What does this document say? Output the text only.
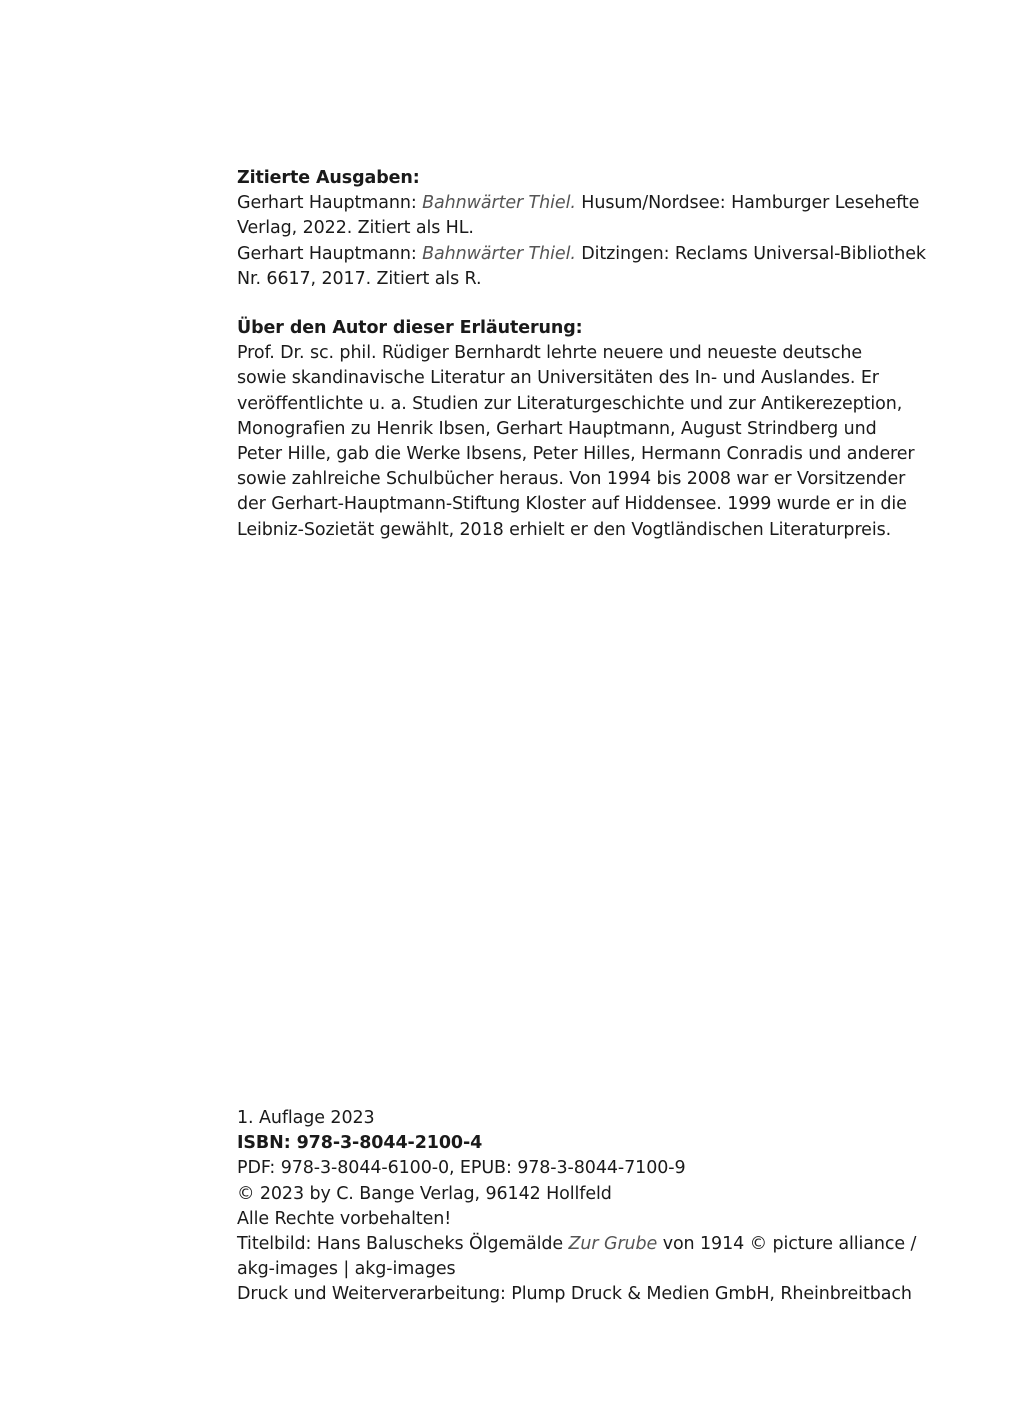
Zitierte Ausgaben:
Gerhart Hauptmann: Bahnwärter Thiel. Husum/Nordsee: Hamburger Lesehefte
Verlag, 2022. Zitiert als HL.
Gerhart Hauptmann: Bahnwärter Thiel. Ditzingen: Reclams Universal-Bibliothek
Nr. 6617, 2017. Zitiert als R.
Über den Autor dieser Erläuterung:
Prof. Dr. sc. phil. Rüdiger Bernhardt lehrte neuere und neueste deutsche
sowie skandinavische Literatur an Universitäten des In- und Auslandes. Er
veröffentlichte u. a. Studien zur Literaturgeschichte und zur Antikerezeption,
Monografien zu Henrik Ibsen, Gerhart Hauptmann, August Strindberg und
Peter Hille, gab die Werke Ibsens, Peter Hilles, Hermann Conradis und anderer
sowie zahlreiche Schulbücher heraus. Von 1994 bis 2008 war er Vorsitzender
der Gerhart-Hauptmann-Stiftung Kloster auf Hiddensee. 1999 wurde er in die
Leibniz-Sozietät gewählt, 2018 erhielt er den Vogtländischen Literaturpreis.
1. Auflage 2023
ISBN: 978-3-8044-2100-4
PDF: 978-3-8044-6100-0, EPUB: 978-3-8044-7100-9
© 2023 by C. Bange Verlag, 96142 Hollfeld
Alle Rechte vorbehalten!
Titelbild: Hans Baluscheks Ölgemälde Zur Grube von 1914 © picture alliance /
akg-images | akg-images
Druck und Weiterverarbeitung: Plump Druck & Medien GmbH, Rheinbreitbach
